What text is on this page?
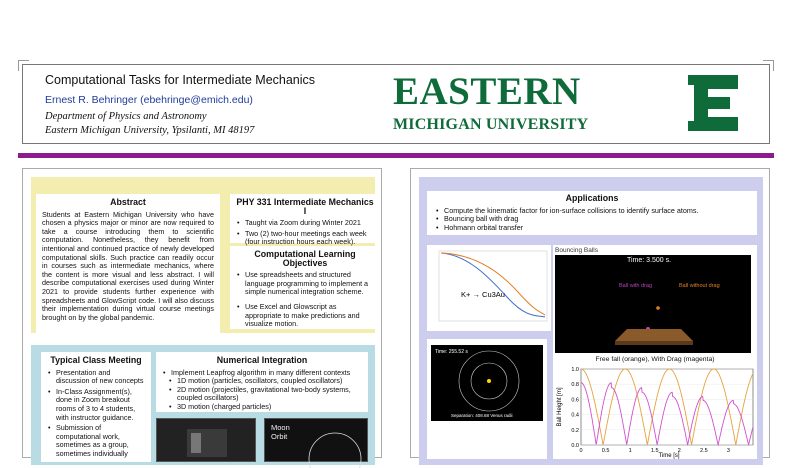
Computational Tasks for Intermediate Mechanics
Ernest R. Behringer (ebehringe@emich.edu)
Department of Physics and Astronomy
Eastern Michigan University, Ypsilanti, MI 48197
EASTERN
MICHIGAN UNIVERSITY
Abstract

Students at Eastern Michigan University who have chosen a physics major or minor are now required to take a course introducing them to scientific computation. Nonetheless, they benefit from intentional and continued practice of newly developed computational skills. Such practice can readily occur in courses such as intermediate mechanics, where the content is more visual and less abstract. I will describe computational exercises used during Winter 2021 to provide students further experience with spreadsheets and GlowScript code. I will also discuss their implementation during virtual course meetings brought on by the global pandemic.

PHY 331 Intermediate Mechanics I
• Taught via Zoom during Winter 2021
• Two (2) two-hour meetings each week (four instruction hours each week).
Computational Learning Objectives
• Use spreadsheets and structured language programming to implement a simple numerical integration scheme.
• Use Excel and Glowscript as appropriate to make predictions and visualize motion.
Typical Class Meeting
• Presentation and discussion of new concepts
• In-Class Assignment(s), done in Zoom breakout rooms of 3 to 4 students, with instructor guidance.
• Submission of computational work, sometimes as a group, sometimes individually
Numerical Integration
• Implement Leapfrog algorithm in many different contexts
• 1D motion (particles, oscillators, coupled oscillators)
• 2D motion (projectiles, gravitational two-body systems, coupled oscillators)
• 3D motion (charged particles)
Moon
Orbit
Applications
• Compute the kinematic factor for ion-surface collisions to identify surface atoms.
• Bouncing ball with drag
• Hohmann orbital transfer
K+ → Cu3Au
Time: 255.52 s
Separation: 408.68 Venus radii
Bouncing Balls
Time: 3.500 s.
Ball with drag	Ball without drag
Free fall (orange), With Drag (magenta)
Ball Height [m]
Time [s]
0.0
0.2
0.4
0.6
0.8
1.0
0	0.5	1	1.5	2	2.5	3
